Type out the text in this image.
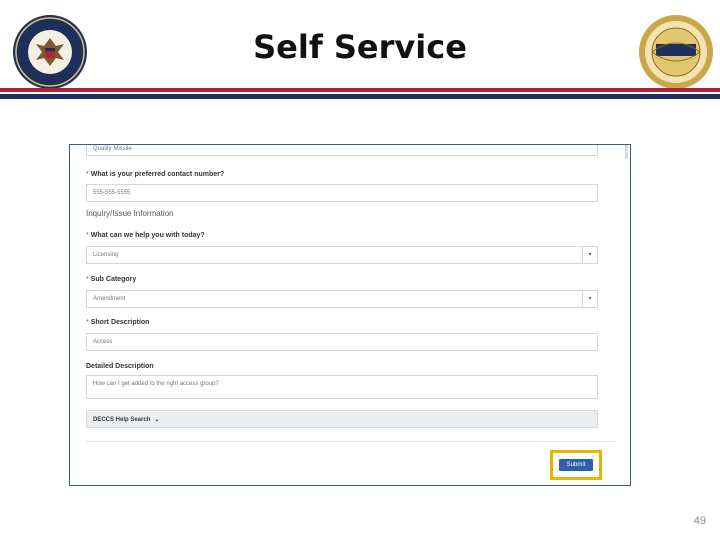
Self Service
Quality Missile
* What is your preferred contact number?
555-555-5555
Inquiry/Issue Information
* What can we help you with today?
Licensing	▾
* Sub Category
Amendment	▾
* Short Description
Access
Detailed Description
How can I get added to the right access group?
DECCS Help Search ⌄
Submit
49
